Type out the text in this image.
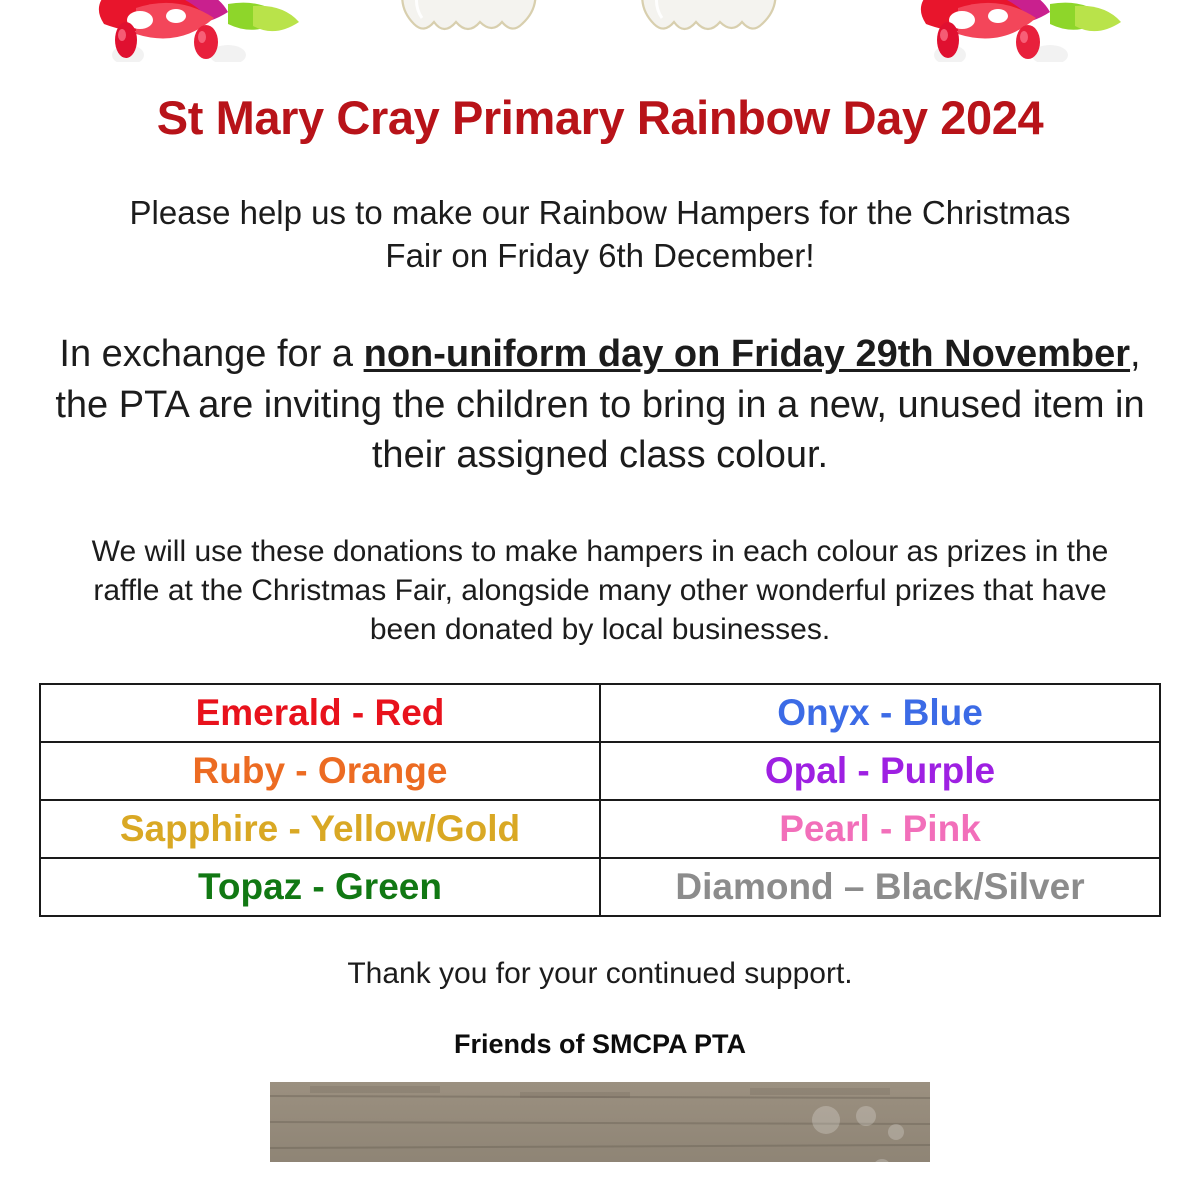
St Mary Cray Primary Rainbow Day 2024

Please help us to make our Rainbow Hampers for the Christmas Fair on Friday 6th December!

In exchange for a non-uniform day on Friday 29th November, the PTA are inviting the children to bring in a new, unused item in their assigned class colour.

We will use these donations to make hampers in each colour as prizes in the raffle at the Christmas Fair, alongside many other wonderful prizes that have been donated by local businesses.

Emerald - Red	Onyx - Blue
Ruby - Orange	Opal - Purple
Sapphire - Yellow/Gold	Pearl - Pink
Topaz - Green	Diamond – Black/Silver

Thank you for your continued support.

Friends of SMCPA PTA
